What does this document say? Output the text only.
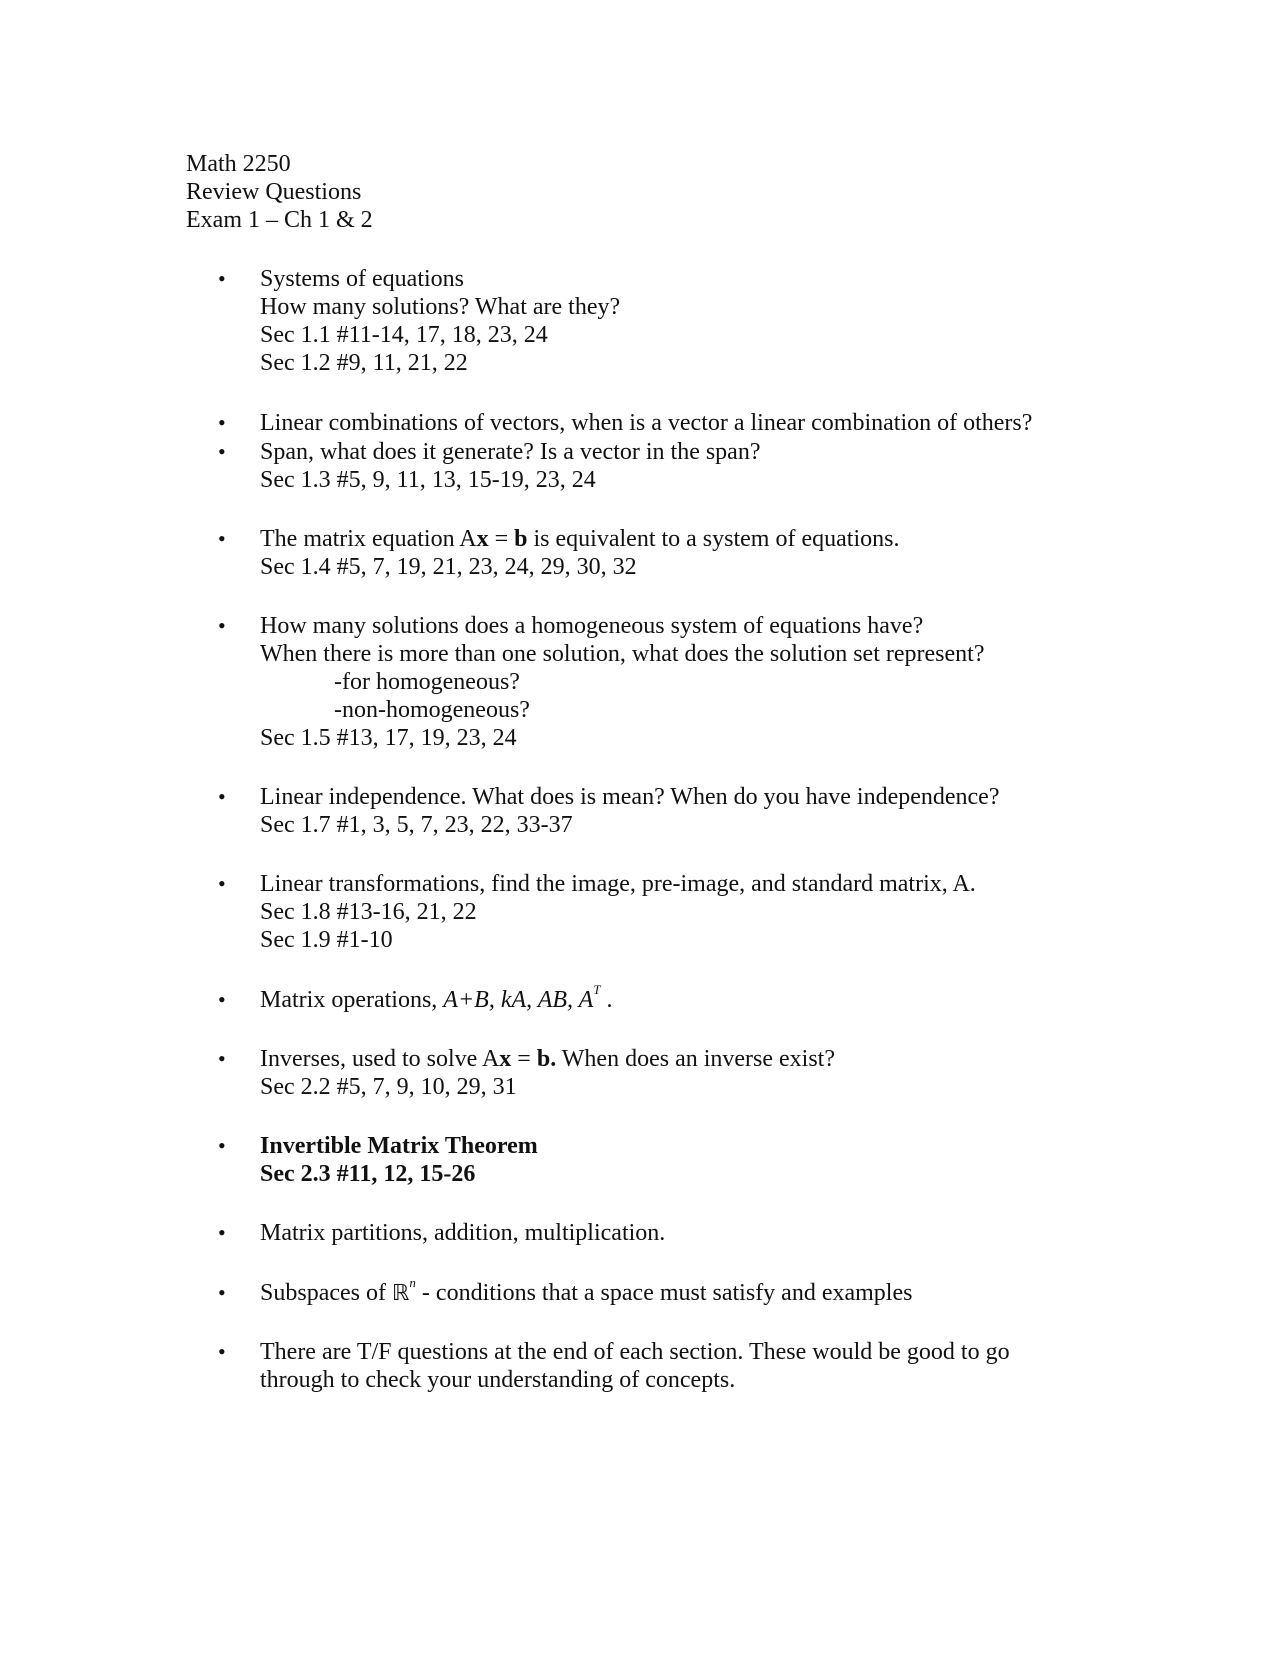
Math 2250
Review Questions
Exam 1 – Ch 1 & 2
• Systems of equations
How many solutions? What are they?
Sec 1.1 #11-14, 17, 18, 23, 24
Sec 1.2 #9, 11, 21, 22
• Linear combinations of vectors, when is a vector a linear combination of others?
• Span, what does it generate? Is a vector in the span?
Sec 1.3 #5, 9, 11, 13, 15-19, 23, 24
• The matrix equation Ax = b is equivalent to a system of equations.
Sec 1.4 #5, 7, 19, 21, 23, 24, 29, 30, 32
• How many solutions does a homogeneous system of equations have?
When there is more than one solution, what does the solution set represent?
-for homogeneous?
-non-homogeneous?
Sec 1.5 #13, 17, 19, 23, 24
• Linear independence. What does is mean? When do you have independence?
Sec 1.7 #1, 3, 5, 7, 23, 22, 33-37
• Linear transformations, find the image, pre-image, and standard matrix, A.
Sec 1.8 #13-16, 21, 22
Sec 1.9 #1-10
• Matrix operations, A+B, kA, AB, $A^T$ .
• Inverses, used to solve Ax = b. When does an inverse exist?
Sec 2.2 #5, 7, 9, 10, 29, 31
• Invertible Matrix Theorem
Sec 2.3 #11, 12, 15-26
• Matrix partitions, addition, multiplication.
• Subspaces of ℝ$^n$ - conditions that a space must satisfy and examples
• There are T/F questions at the end of each section. These would be good to go
through to check your understanding of concepts.
